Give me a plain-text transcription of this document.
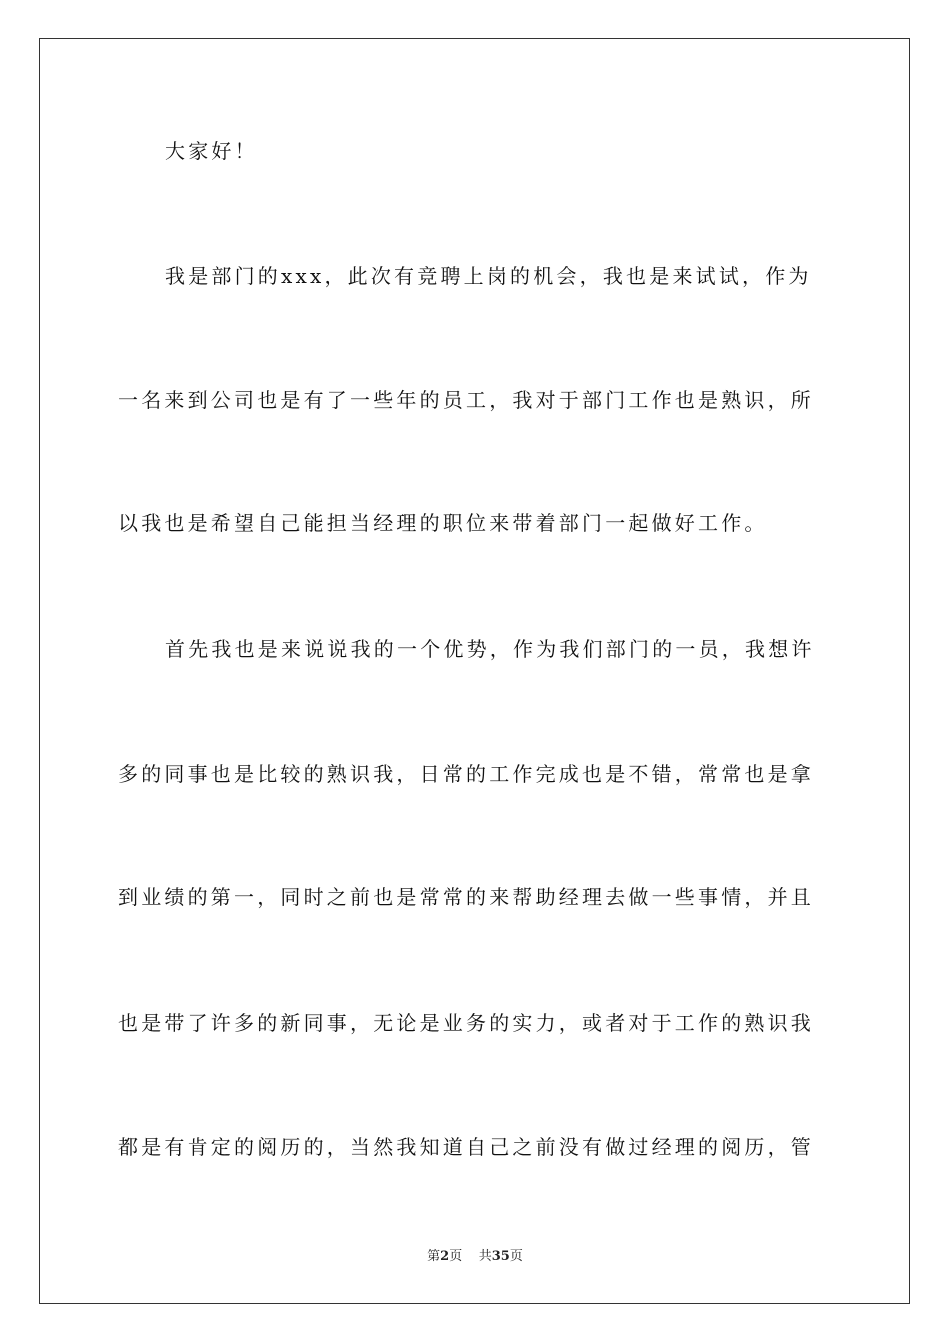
大家好！
我是部门的xxx，此次有竞聘上岗的机会，我也是来试试，作为
一名来到公司也是有了一些年的员工，我对于部门工作也是熟识，所
以我也是希望自己能担当经理的职位来带着部门一起做好工作。
首先我也是来说说我的一个优势，作为我们部门的一员，我想许
多的同事也是比较的熟识我，日常的工作完成也是不错，常常也是拿
到业绩的第一，同时之前也是常常的来帮助经理去做一些事情，并且
也是带了许多的新同事，无论是业务的实力，或者对于工作的熟识我
都是有肯定的阅历的，当然我知道自己之前没有做过经理的阅历，管
第2页 共35页
